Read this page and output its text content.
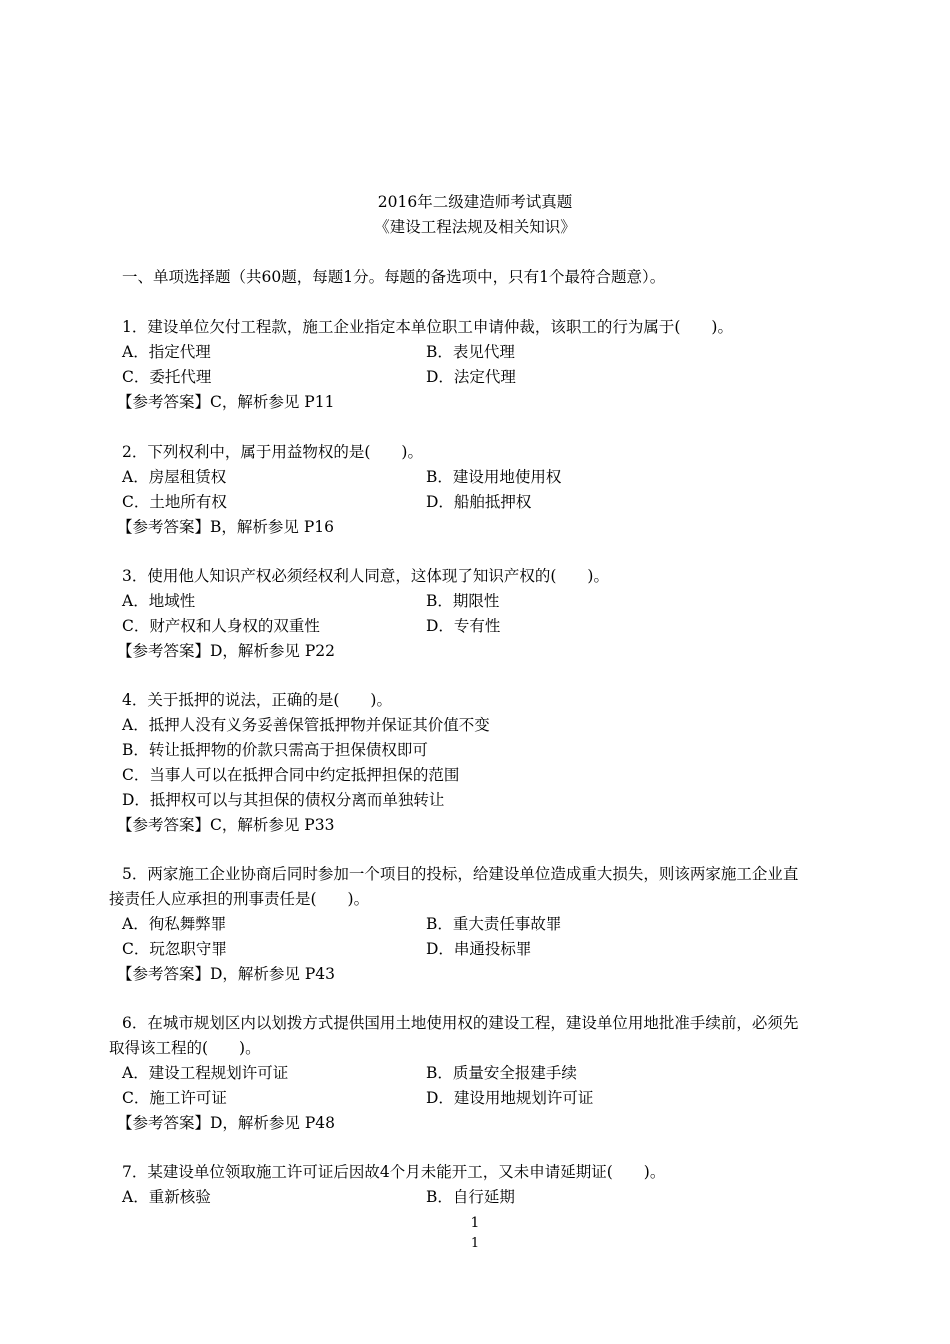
2016年二级建造师考试真题
《建设工程法规及相关知识》
一、单项选择题（共60题，每题1分。每题的备选项中，只有1个最符合题意）。
1．建设单位欠付工程款，施工企业指定本单位职工申请仲裁，该职工的行为属于(　　)。
A．指定代理	B．表见代理
C．委托代理	D．法定代理
【参考答案】C，解析参见 P11
2．下列权利中，属于用益物权的是(　　)。
A．房屋租赁权	B．建设用地使用权
C．土地所有权	D．船舶抵押权
【参考答案】B，解析参见 P16
3．使用他人知识产权必须经权利人同意，这体现了知识产权的(　　)。
A．地域性	B．期限性
C．财产权和人身权的双重性	D．专有性
【参考答案】D，解析参见 P22
4．关于抵押的说法，正确的是(　　)。
A．抵押人没有义务妥善保管抵押物并保证其价值不变
B．转让抵押物的价款只需高于担保债权即可
C．当事人可以在抵押合同中约定抵押担保的范围
D．抵押权可以与其担保的债权分离而单独转让
【参考答案】C，解析参见 P33
5．两家施工企业协商后同时参加一个项目的投标，给建设单位造成重大损失，则该两家施工企业直
接责任人应承担的刑事责任是(　　)。
A．徇私舞弊罪	B．重大责任事故罪
C．玩忽职守罪	D．串通投标罪
【参考答案】D，解析参见 P43
6．在城市规划区内以划拨方式提供国用土地使用权的建设工程，建设单位用地批准手续前，必须先
取得该工程的(　　)。
A．建设工程规划许可证	B．质量安全报建手续
C．施工许可证	D．建设用地规划许可证
【参考答案】D，解析参见 P48
7．某建设单位领取施工许可证后因故4个月未能开工，又未申请延期证(　　)。
A．重新核验	B．自行延期
1
1
